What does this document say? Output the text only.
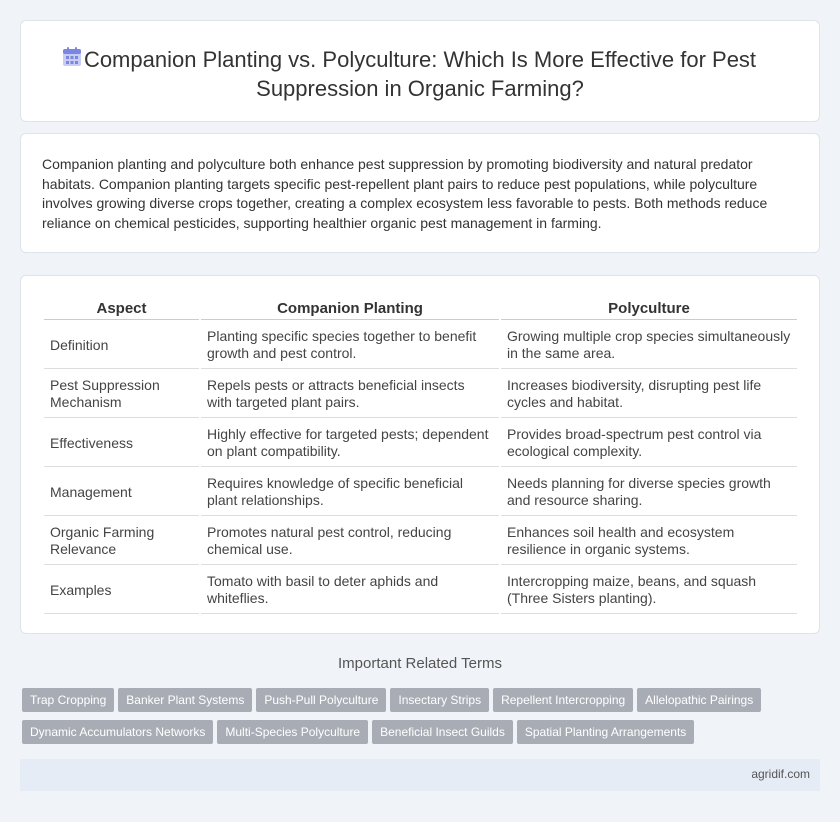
Companion Planting vs. Polyculture: Which Is More Effective for Pest Suppression in Organic Farming?

Companion planting and polyculture both enhance pest suppression by promoting biodiversity and natural predator habitats. Companion planting targets specific pest-repellent plant pairs to reduce pest populations, while polyculture involves growing diverse crops together, creating a complex ecosystem less favorable to pests. Both methods reduce reliance on chemical pesticides, supporting healthier organic pest management in farming.

Aspect	Companion Planting	Polyculture
Definition	Planting specific species together to benefit growth and pest control.	Growing multiple crop species simultaneously in the same area.
Pest Suppression Mechanism	Repels pests or attracts beneficial insects with targeted plant pairs.	Increases biodiversity, disrupting pest life cycles and habitat.
Effectiveness	Highly effective for targeted pests; dependent on plant compatibility.	Provides broad-spectrum pest control via ecological complexity.
Management	Requires knowledge of specific beneficial plant relationships.	Needs planning for diverse species growth and resource sharing.
Organic Farming Relevance	Promotes natural pest control, reducing chemical use.	Enhances soil health and ecosystem resilience in organic systems.
Examples	Tomato with basil to deter aphids and whiteflies.	Intercropping maize, beans, and squash (Three Sisters planting).
Important Related Terms
Trap Cropping Banker Plant Systems Push-Pull Polyculture Insectary Strips Repellent Intercropping Allelopathic Pairings
Dynamic Accumulators Networks Multi-Species Polyculture Beneficial Insect Guilds Spatial Planting Arrangements
agridif.com
